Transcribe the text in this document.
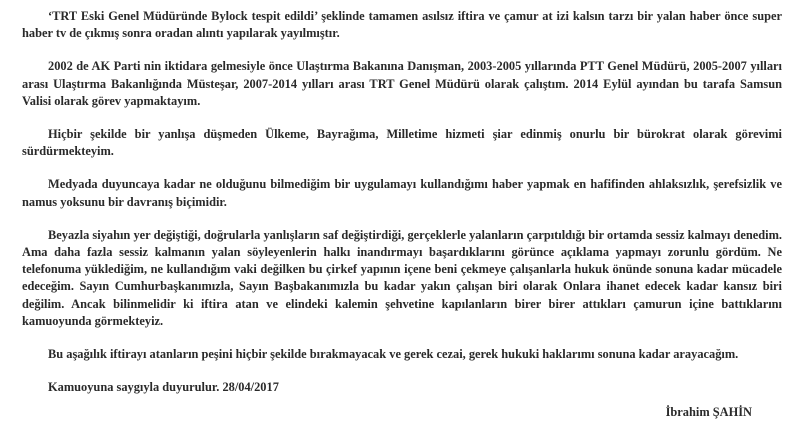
‘TRT Eski Genel Müdüründe Bylock tespit edildi’ şeklinde tamamen asılsız iftira ve çamur at izi kalsın tarzı bir yalan haber önce super haber tv de çıkmış sonra oradan alıntı yapılarak yayılmıştır.

2002 de AK Parti nin iktidara gelmesiyle önce Ulaştırma Bakanına Danışman, 2003-2005 yıllarında PTT Genel Müdürü, 2005-2007 yılları arası Ulaştırma Bakanlığında Müsteşar, 2007-2014 yılları arası TRT Genel Müdürü olarak çalıştım. 2014 Eylül ayından bu tarafa Samsun Valisi olarak görev yapmaktayım.

Hiçbir şekilde bir yanlışa düşmeden Ülkeme, Bayrağıma, Milletime hizmeti şiar edinmiş onurlu bir bürokrat olarak görevimi sürdürmekteyim.

Medyada duyuncaya kadar ne olduğunu bilmediğim bir uygulamayı kullandığımı haber yapmak en hafifinden ahlaksızlık, şerefsizlik ve namus yoksunu bir davranış biçimidir.

Beyazla siyahın yer değiştiği, doğrularla yanlışların saf değiştirdiği, gerçeklerle yalanların çarpıtıldığı bir ortamda sessiz kalmayı denedim. Ama daha fazla sessiz kalmanın yalan söyleyenlerin halkı inandırmayı başardıklarını görünce açıklama yapmayı zorunlu gördüm. Ne telefonuma yüklediğim, ne kullandığım vaki değilken bu çirkef yapının içene beni çekmeye çalışanlarla hukuk önünde sonuna kadar mücadele edeceğim. Sayın Cumhurbaşkanımızla, Sayın Başbakanımızla bu kadar yakın çalışan biri olarak Onlara ihanet edecek kadar kansız biri değilim. Ancak bilinmelidir ki iftira atan ve elindeki kalemin şehvetine kapılanların birer birer attıkları çamurun içine battıklarını kamuoyunda görmekteyiz.

Bu aşağılık iftirayı atanların peşini hiçbir şekilde bırakmayacak ve gerek cezai, gerek hukuki haklarımı sonuna kadar arayacağım.

Kamuoyuna saygıyla duyurulur. 28/04/2017

İbrahim ŞAHİN
